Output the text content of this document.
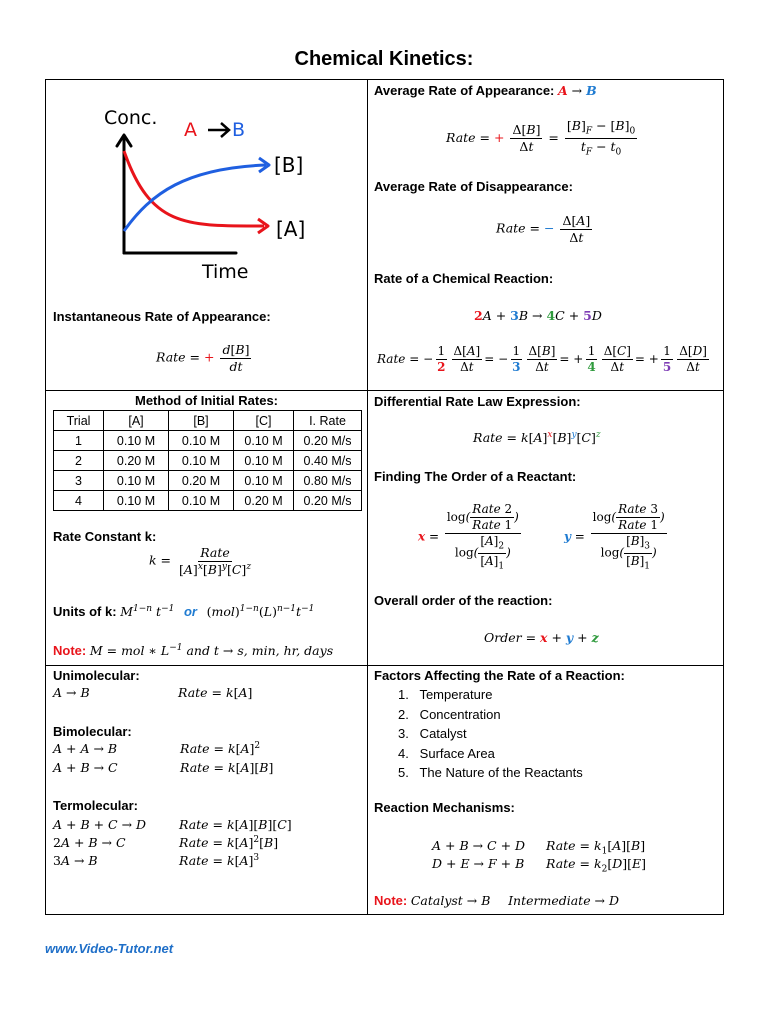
Chemical Kinetics:
Conc.
A B
[B]
[A]
Time
Instantaneous Rate of Appearance:
Rate = + $\frac{d[B]}{dt}$
Method of Initial Rates:
Trial	[A]	[B]	[C]	I. Rate
1	0.10 M	0.10 M	0.10 M	0.20 M/s
2	0.20 M	0.10 M	0.10 M	0.40 M/s
3	0.10 M	0.20 M	0.10 M	0.80 M/s
4	0.10 M	0.10 M	0.20 M	0.20 M/s
Rate Constant k:
$k = \frac{\text{Rate}}{[A]^x[B]^y[C]^z}$
Units of k: $M^{1-n}$ $t^{-1}$ or $(mol)^{1-n}(L)^{n-1}t^{-1}$
Note: M = mol ∗ $L^{-1}$ and t → s, min, hr, days
Unimolecular:
A → B	Rate = k[A]
Bimolecular:
A + A → B	Rate = $k[A]^2$
A + B → C	Rate = k[A][B]
Termolecular:
A + B + C → D	Rate = k[A][B][C]
2A + B → C	Rate = $k[A]^2[B]$
3A → B	Rate = $k[A]^3$
Average Rate of Appearance: A → B
Rate = + $\frac{\Delta[B]}{\Delta t} = \frac{[B]_F - [B]_0}{t_F - t_0}$
Average Rate of Disappearance:
Rate = − $\frac{\Delta[A]}{\Delta t}$
Rate of a Chemical Reaction:
2A + 3B → 4C + 5D
Rate = − $\frac{1}{2} \frac{\Delta[A]}{\Delta t}$ = − $\frac{1}{3} \frac{\Delta[B]}{\Delta t}$ = + $\frac{1}{4} \frac{\Delta[C]}{\Delta t}$ = + $\frac{1}{5} \frac{\Delta[D]}{\Delta t}$
Differential Rate Law Expression:
Rate = $k[A]^x[B]^y[C]^z$
Finding The Order of a Reactant:
$x = \frac{\log( \frac{\text{Rate 2}}{\text{Rate 1}} )}{\log( \frac{[A]_2}{[A]_1} )}$	$y = \frac{\log( \frac{\text{Rate 3}}{\text{Rate 1}} )}{\log( \frac{[B]_3}{[B]_1} )}$
Overall order of the reaction:
Order = x + y + z
Factors Affecting the Rate of a Reaction:
1.   Temperature
2.   Concentration
3.   Catalyst
4.   Surface Area
5.   The Nature of the Reactants
Reaction Mechanisms:
A + B → C + D Rate = $k_1[A][B]$
D + E → F + B Rate = $k_2[D][E]$
Note: Catalyst → B Intermediate → D
www.Video-Tutor.net
